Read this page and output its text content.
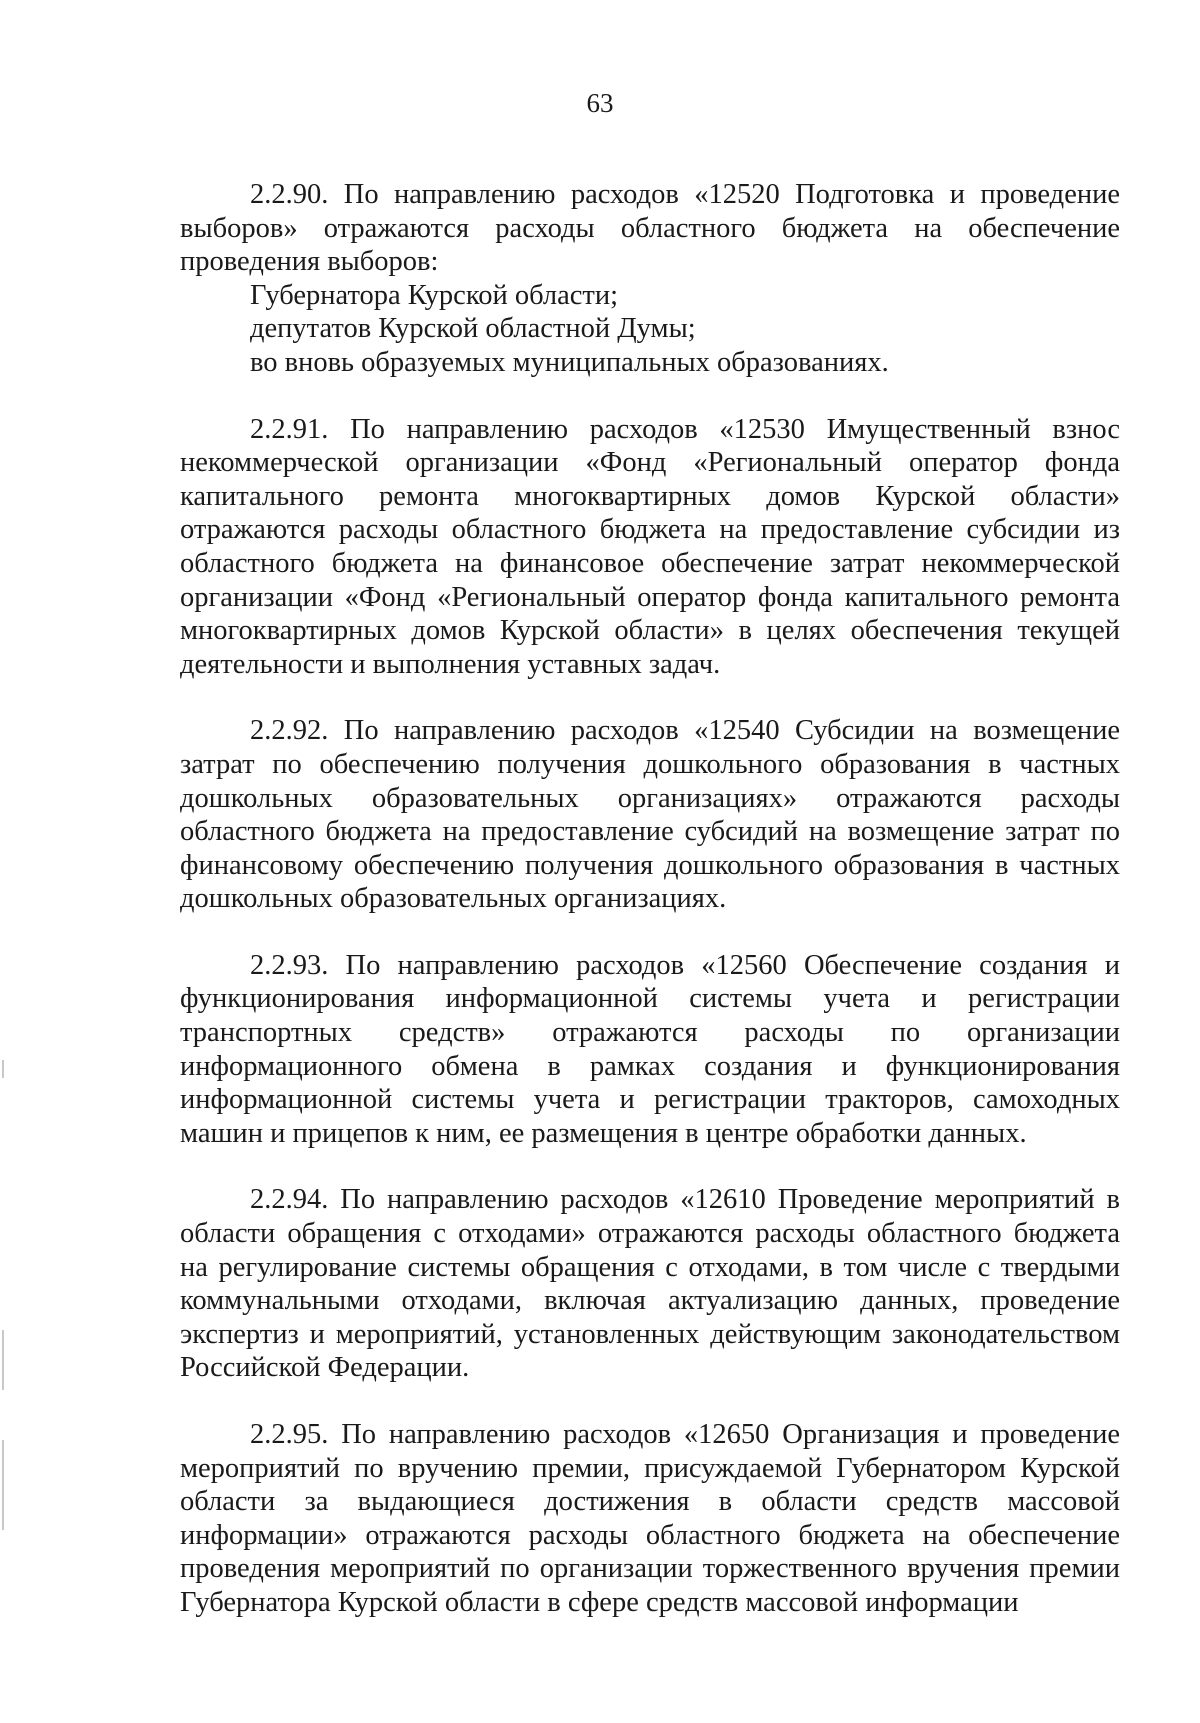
63

2.2.90. По направлению расходов «12520 Подготовка и проведение выборов» отражаются расходы областного бюджета на обеспечение проведения выборов:

Губернатора Курской области;

депутатов Курской областной Думы;

во вновь образуемых муниципальных образованиях.

2.2.91. По направлению расходов «12530 Имущественный взнос некоммерческой организации «Фонд «Региональный оператор фонда капитального ремонта многоквартирных домов Курской области» отражаются расходы областного бюджета на предоставление субсидии из областного бюджета на финансовое обеспечение затрат некоммерческой организации «Фонд «Региональный оператор фонда капитального ремонта многоквартирных домов Курской области» в целях обеспечения текущей деятельности и выполнения уставных задач.

2.2.92. По направлению расходов «12540 Субсидии на возмещение затрат по обеспечению получения дошкольного образования в частных дошкольных образовательных организациях» отражаются расходы областного бюджета на предоставление субсидий на возмещение затрат по финансовому обеспечению получения дошкольного образования в частных дошкольных образовательных организациях.

2.2.93. По направлению расходов «12560 Обеспечение создания и функционирования информационной системы учета и регистрации транспортных средств» отражаются расходы по организации информационного обмена в рамках создания и функционирования информационной системы учета и регистрации тракторов, самоходных машин и прицепов к ним, ее размещения в центре обработки данных.

2.2.94. По направлению расходов «12610 Проведение мероприятий в области обращения с отходами» отражаются расходы областного бюджета на регулирование системы обращения с отходами, в том числе с твердыми коммунальными отходами, включая актуализацию данных, проведение экспертиз и мероприятий, установленных действующим законодательством Российской Федерации.

2.2.95. По направлению расходов «12650 Организация и проведение мероприятий по вручению премии, присуждаемой Губернатором Курской области за выдающиеся достижения в области средств массовой информации» отражаются расходы областного бюджета на обеспечение проведения мероприятий по организации торжественного вручения премии Губернатора Курской области в сфере средств массовой информации
